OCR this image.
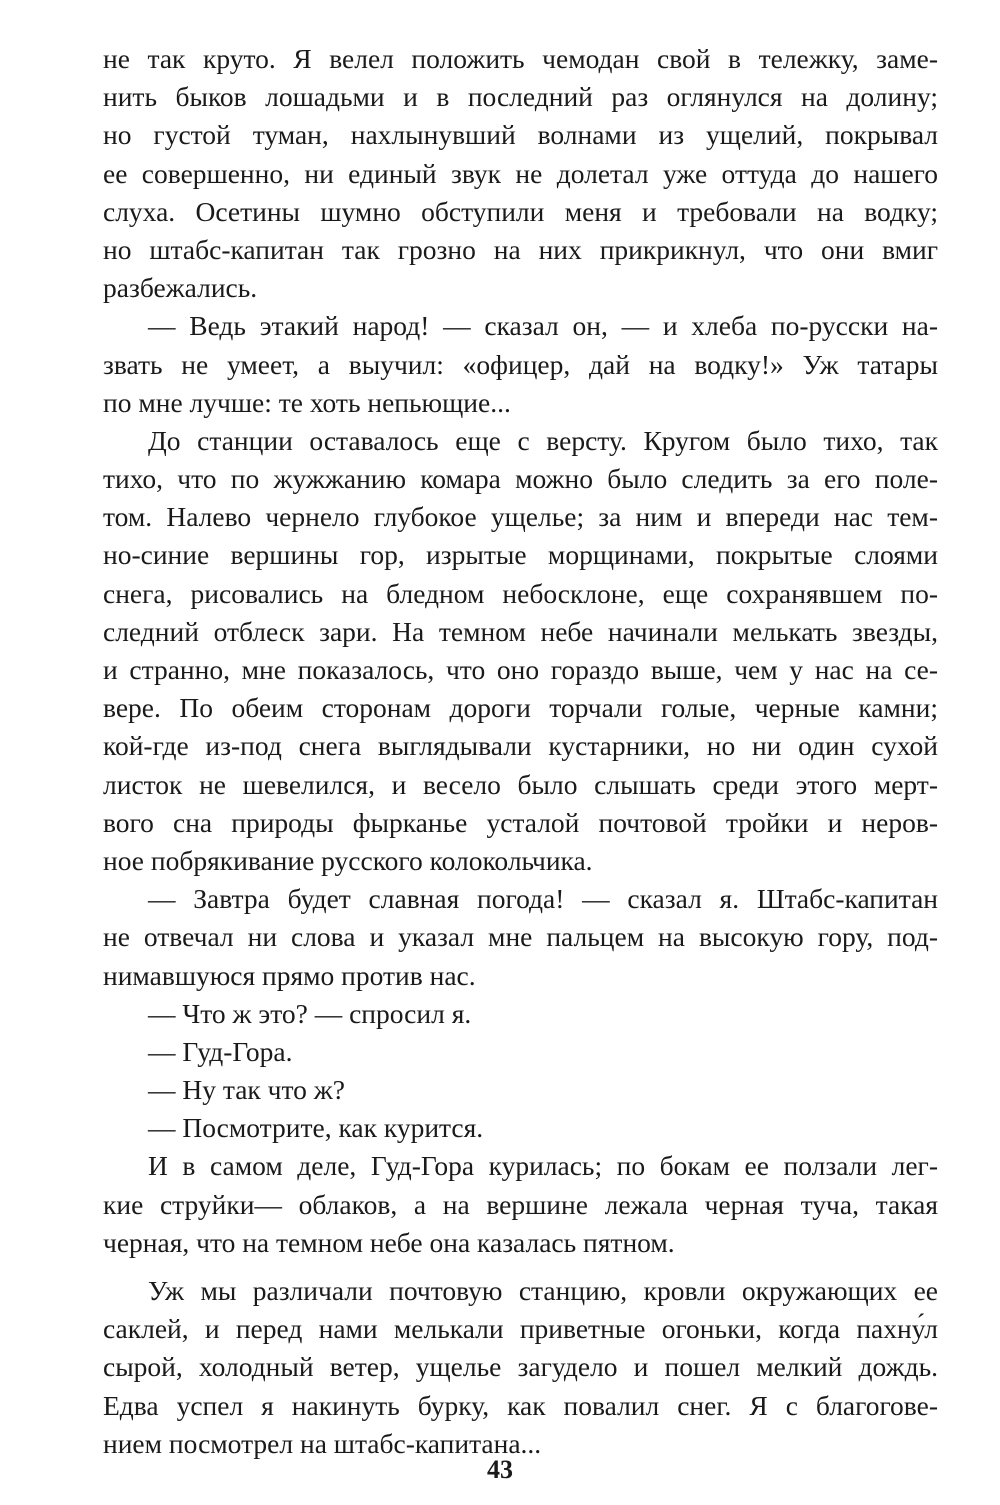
не так круто. Я велел положить чемодан свой в тележку, заме-
нить быков лошадьми и в последний раз оглянулся на долину;
но густой туман, нахлынувший волнами из ущелий, покрывал
ее совершенно, ни единый звук не долетал уже оттуда до нашего
слуха. Осетины шумно обступили меня и требовали на водку;
но штабс-капитан так грозно на них прикрикнул, что они вмиг
разбежались.
— Ведь этакий народ! — сказал он, — и хлеба по-русски на-
звать не умеет, а выучил: «офицер, дай на водку!» Уж татары
по мне лучше: те хоть непьющие...
До станции оставалось еще с версту. Кругом было тихо, так
тихо, что по жужжанию комара можно было следить за его поле-
том. Налево чернело глубокое ущелье; за ним и впереди нас тем-
но-синие вершины гор, изрытые морщинами, покрытые слоями
снега, рисовались на бледном небосклоне, еще сохранявшем по-
следний отблеск зари. На темном небе начинали мелькать звезды,
и странно, мне показалось, что оно гораздо выше, чем у нас на се-
вере. По обеим сторонам дороги торчали голые, черные камни;
кой-где из-под снега выглядывали кустарники, но ни один сухой
листок не шевелился, и весело было слышать среди этого мерт-
вого сна природы фырканье усталой почтовой тройки и неров-
ное побрякивание русского колокольчика.
— Завтра будет славная погода! — сказал я. Штабс-капитан
не отвечал ни слова и указал мне пальцем на высокую гору, под-
нимавшуюся прямо против нас.
— Что ж это? — спросил я.
— Гуд-Гора.
— Ну так что ж?
— Посмотрите, как курится.
И в самом деле, Гуд-Гора курилась; по бокам ее ползали лег-
кие струйки— облаков, а на вершине лежала черная туча, такая
черная, что на темном небе она казалась пятном.
Уж мы различали почтовую станцию, кровли окружающих ее
саклей, и перед нами мелькали приветные огоньки, когда пахну́л
сырой, холодный ветер, ущелье загудело и пошел мелкий дождь.
Едва успел я накинуть бурку, как повалил снег. Я с благогове-
нием посмотрел на штабс-капитана...
43
